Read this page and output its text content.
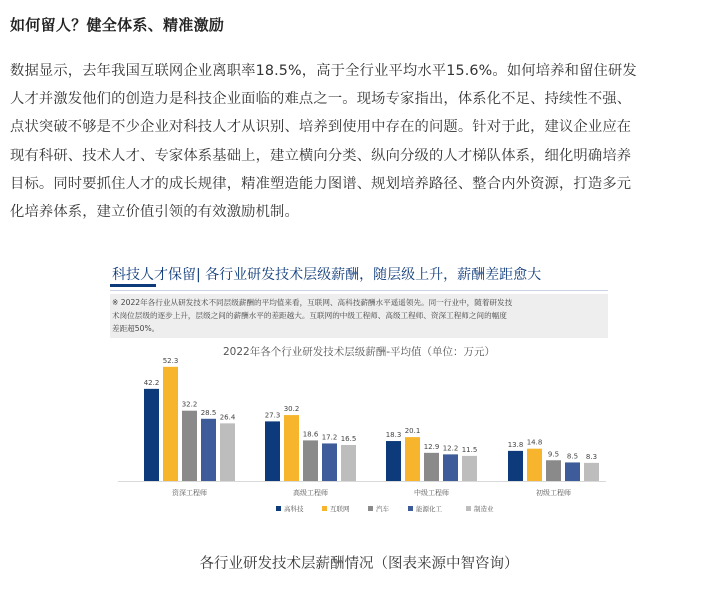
如何留人？健全体系、精准激励
数据显示，去年我国互联网企业离职率18.5%，高于全行业平均水平15.6%。如何培养和留住研发
人才并激发他们的创造力是科技企业面临的难点之一。现场专家指出，体系化不足、持续性不强、
点状突破不够是不少企业对科技人才从识别、培养到使用中存在的问题。针对于此，建议企业应在
现有科研、技术人才、专家体系基础上，建立横向分类、纵向分级的人才梯队体系，细化明确培养
目标。同时要抓住人才的成长规律，精准塑造能力图谱、规划培养路径、整合内外资源，打造多元
化培养体系，建立价值引领的有效激励机制。
科技人才保留| 各行业研发技术层级薪酬，随层级上升，薪酬差距愈大
※ 2022年各行业从研发技术不同层级薪酬的平均值来看，互联网、高科技薪酬水平遥遥领先。同一行业中，随着研发技
术岗位层级的逐步上升，层级之间的薪酬水平的差距越大。互联网的中级工程师、高级工程师、资深工程师之间的幅度
差距超50%。
2022年各个行业研发技术层级薪酬-平均值（单位：万元）
42.2
52.3
32.2
28.5
26.4
资深工程师
27.3
30.2
18.6 17.2 16.5
高级工程师
18.3 20.1
12.9 12.2 11.5
中级工程师
13.8 14.8
9.5 8.5 8.3
初级工程师
高科技	互联网	汽车	能源化工	制造业
各行业研发技术层薪酬情况（图表来源中智咨询）
